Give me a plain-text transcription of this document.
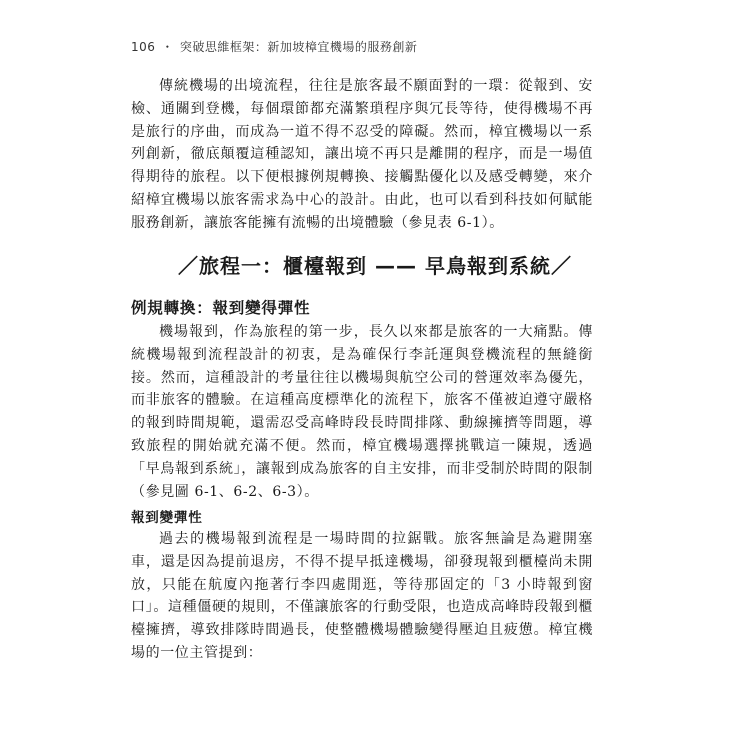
106 ・ 突破思維框架：新加坡樟宜機場的服務創新

傳統機場的出境流程，往往是旅客最不願面對的一環：從報到、安檢、通關到登機，每個環節都充滿繁瑣程序與冗長等待，使得機場不再是旅行的序曲，而成為一道不得不忍受的障礙。然而，樟宜機場以一系列創新，徹底顛覆這種認知，讓出境不再只是離開的程序，而是一場值得期待的旅程。以下便根據例規轉換、接觸點優化以及感受轉變，來介紹樟宜機場以旅客需求為中心的設計。由此，也可以看到科技如何賦能服務創新，讓旅客能擁有流暢的出境體驗（參見表 6-1）。

／旅程一：櫃檯報到 —— 早鳥報到系統／
例規轉換：報到變得彈性

機場報到，作為旅程的第一步，長久以來都是旅客的一大痛點。傳統機場報到流程設計的初衷，是為確保行李託運與登機流程的無縫銜接。然而，這種設計的考量往往以機場與航空公司的營運效率為優先，而非旅客的體驗。在這種高度標準化的流程下，旅客不僅被迫遵守嚴格的報到時間規範，還需忍受高峰時段長時間排隊、動線擁擠等問題，導致旅程的開始就充滿不便。然而，樟宜機場選擇挑戰這一陳規，透過「早鳥報到系統」，讓報到成為旅客的自主安排，而非受制於時間的限制（參見圖 6-1、6-2、6-3）。

報到變彈性

過去的機場報到流程是一場時間的拉鋸戰。旅客無論是為避開塞車，還是因為提前退房，不得不提早抵達機場，卻發現報到櫃檯尚未開放，只能在航廈內拖著行李四處閒逛，等待那固定的「3 小時報到窗口」。這種僵硬的規則，不僅讓旅客的行動受限，也造成高峰時段報到櫃檯擁擠，導致排隊時間過長，使整體機場體驗變得壓迫且疲憊。樟宜機場的一位主管提到：
